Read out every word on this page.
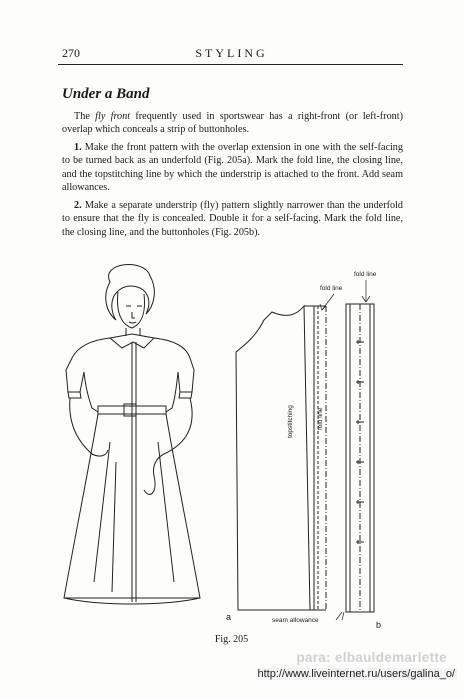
270	STYLING
Under a Band

The fly front frequently used in sportswear has a right-front (or left-front) overlap which conceals a strip of buttonholes.

1. Make the front pattern with the overlap extension in one with the self-facing to be turned back as an underfold (Fig. 205a). Mark the fold line, the closing line, and the topstitching line by which the understrip is attached to the front. Add seam allowances.

2. Make a separate understrip (fly) pattern slightly narrower than the underfold to ensure that the fly is concealed. Double it for a self-facing. Mark the fold line, the closing line, and the buttonholes (Fig. 205b).

fold line
fold line
topstitching	fold line
seam allowance
a
b
Fig. 205
para: elbauldemarlette
http://www.liveinternet.ru/users/galina_o/
